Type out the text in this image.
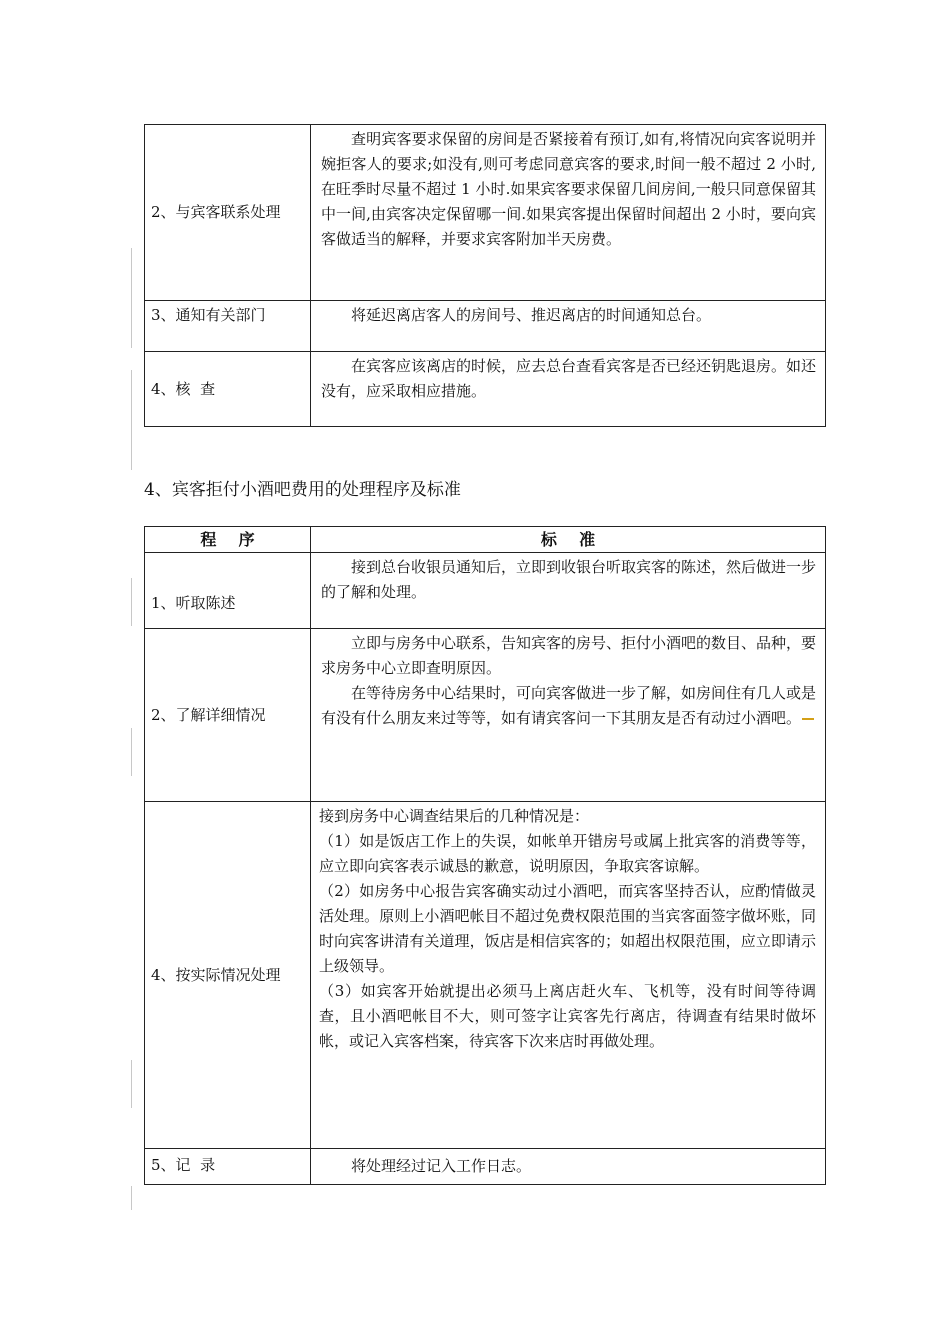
2、与宾客联系处理	查明宾客要求保留的房间是否紧接着有预订,如有,将情况向宾客说明并婉拒客人的要求;如没有,则可考虑同意宾客的要求,时间一般不超过 2 小时,在旺季时尽量不超过 1 小时.如果宾客要求保留几间房间,一般只同意保留其中一间,由宾客决定保留哪一间.如果宾客提出保留时间超出 2 小时，要向宾客做适当的解释，并要求宾客附加半天房费。

3、通知有关部门	将延迟离店客人的房间号、推迟离店的时间通知总台。

4、核  查	在宾客应该离店的时候，应去总台查看宾客是否已经还钥匙退房。如还没有，应采取相应措施。

4、宾客拒付小酒吧费用的处理程序及标准
程    序	标    准
1、听取陈述	接到总台收银员通知后，立即到收银台听取宾客的陈述，然后做进一步的了解和处理。

2、了解详细情况	立即与房务中心联系，告知宾客的房号、拒付小酒吧的数目、品种，要求房务中心立即查明原因。

在等待房务中心结果时，可向宾客做进一步了解，如房间住有几人或是有没有什么朋友来过等等，如有请宾客问一下其朋友是否有动过小酒吧。

4、按实际情况处理	接到房务中心调查结果后的几种情况是：

（1）如是饭店工作上的失误，如帐单开错房号或属上批宾客的消费等等，应立即向宾客表示诚恳的歉意，说明原因，争取宾客谅解。

（2）如房务中心报告宾客确实动过小酒吧，而宾客坚持否认，应酌情做灵活处理。原则上小酒吧帐目不超过免费权限范围的当宾客面签字做坏账，同时向宾客讲清有关道理，饭店是相信宾客的；如超出权限范围，应立即请示上级领导。

（3）如宾客开始就提出必须马上离店赶火车、飞机等，没有时间等待调查，且小酒吧帐目不大，则可签字让宾客先行离店，待调查有结果时做坏帐，或记入宾客档案，待宾客下次来店时再做处理。

5、记  录	将处理经过记入工作日志。
